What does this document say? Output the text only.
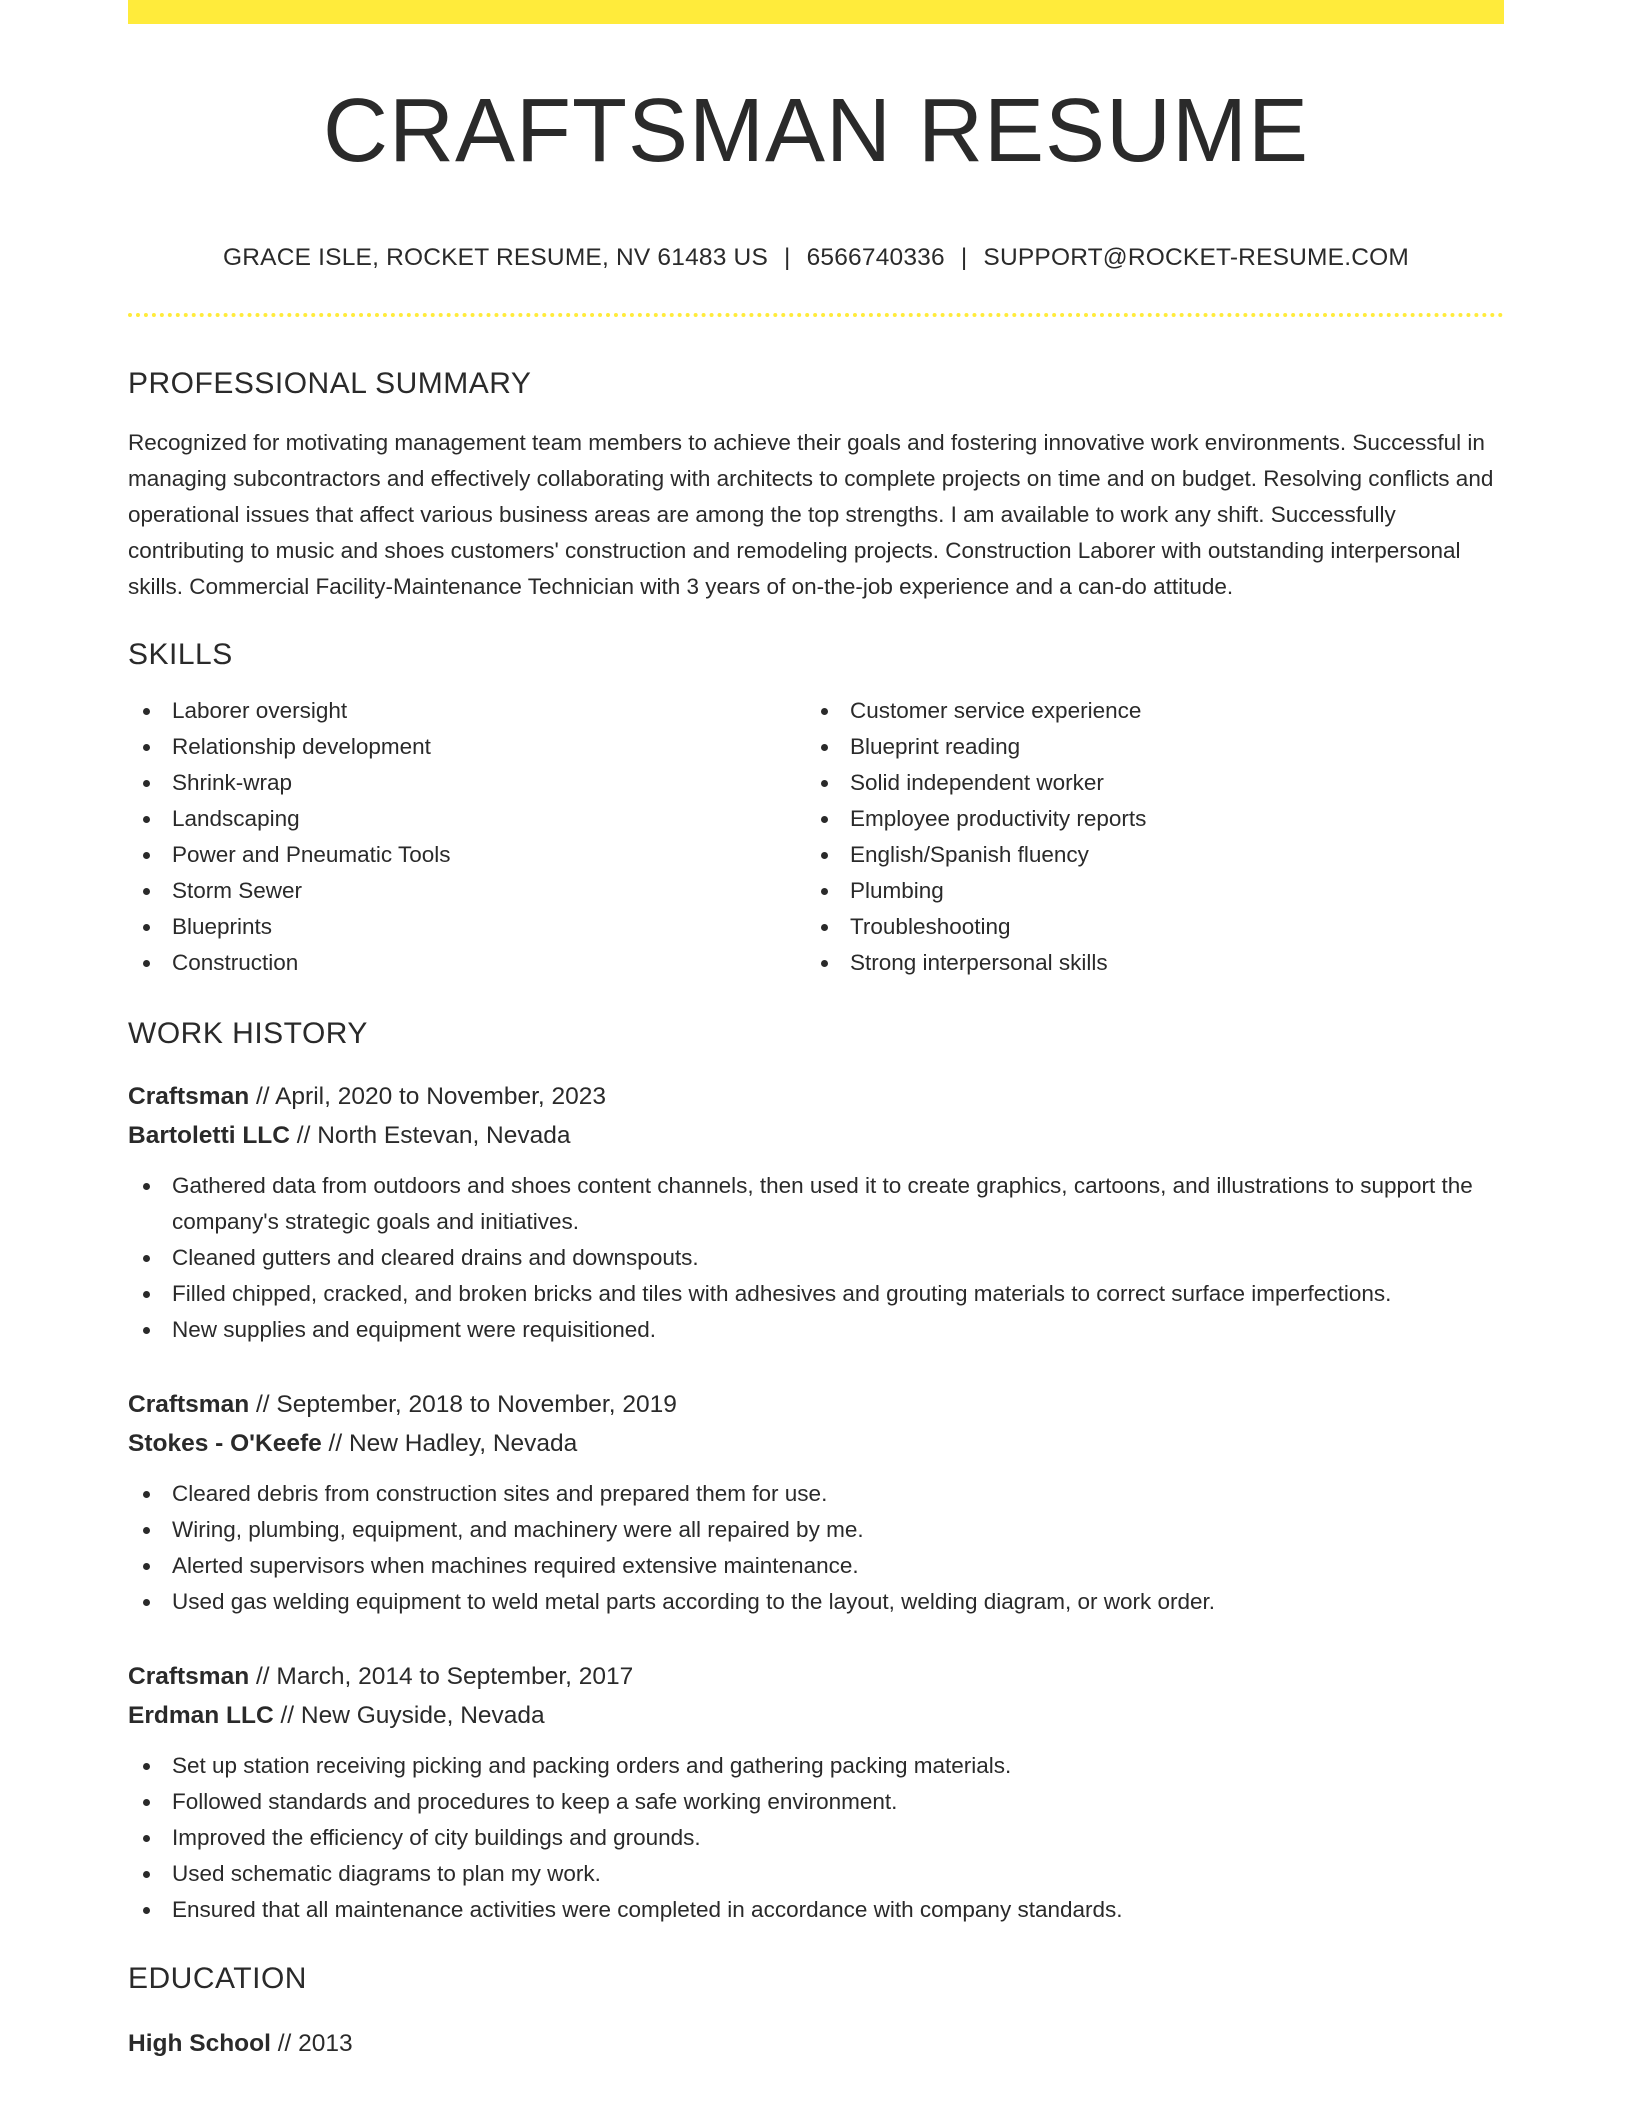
CRAFTSMAN RESUME
GRACE ISLE, ROCKET RESUME, NV 61483 US | 6566740336 | SUPPORT@ROCKET-RESUME.COM
PROFESSIONAL SUMMARY

Recognized for motivating management team members to achieve their goals and fostering innovative work environments. Successful in managing subcontractors and effectively collaborating with architects to complete projects on time and on budget. Resolving conflicts and operational issues that affect various business areas are among the top strengths. I am available to work any shift. Successfully contributing to music and shoes customers' construction and remodeling projects. Construction Laborer with outstanding interpersonal skills. Commercial Facility-Maintenance Technician with 3 years of on-the-job experience and a can-do attitude.

SKILLS
Laborer oversight
Relationship development
Shrink-wrap
Landscaping
Power and Pneumatic Tools
Storm Sewer
Blueprints
Construction
Customer service experience
Blueprint reading
Solid independent worker
Employee productivity reports
English/Spanish fluency
Plumbing
Troubleshooting
Strong interpersonal skills
WORK HISTORY
Craftsman // April, 2020 to November, 2023
Bartoletti LLC // North Estevan, Nevada
Gathered data from outdoors and shoes content channels, then used it to create graphics, cartoons, and illustrations to support the company's strategic goals and initiatives.
Cleaned gutters and cleared drains and downspouts.
Filled chipped, cracked, and broken bricks and tiles with adhesives and grouting materials to correct surface imperfections.
New supplies and equipment were requisitioned.
Craftsman // September, 2018 to November, 2019
Stokes - O'Keefe // New Hadley, Nevada
Cleared debris from construction sites and prepared them for use.
Wiring, plumbing, equipment, and machinery were all repaired by me.
Alerted supervisors when machines required extensive maintenance.
Used gas welding equipment to weld metal parts according to the layout, welding diagram, or work order.
Craftsman // March, 2014 to September, 2017
Erdman LLC // New Guyside, Nevada
Set up station receiving picking and packing orders and gathering packing materials.
Followed standards and procedures to keep a safe working environment.
Improved the efficiency of city buildings and grounds.
Used schematic diagrams to plan my work.
Ensured that all maintenance activities were completed in accordance with company standards.
EDUCATION
High School // 2013
